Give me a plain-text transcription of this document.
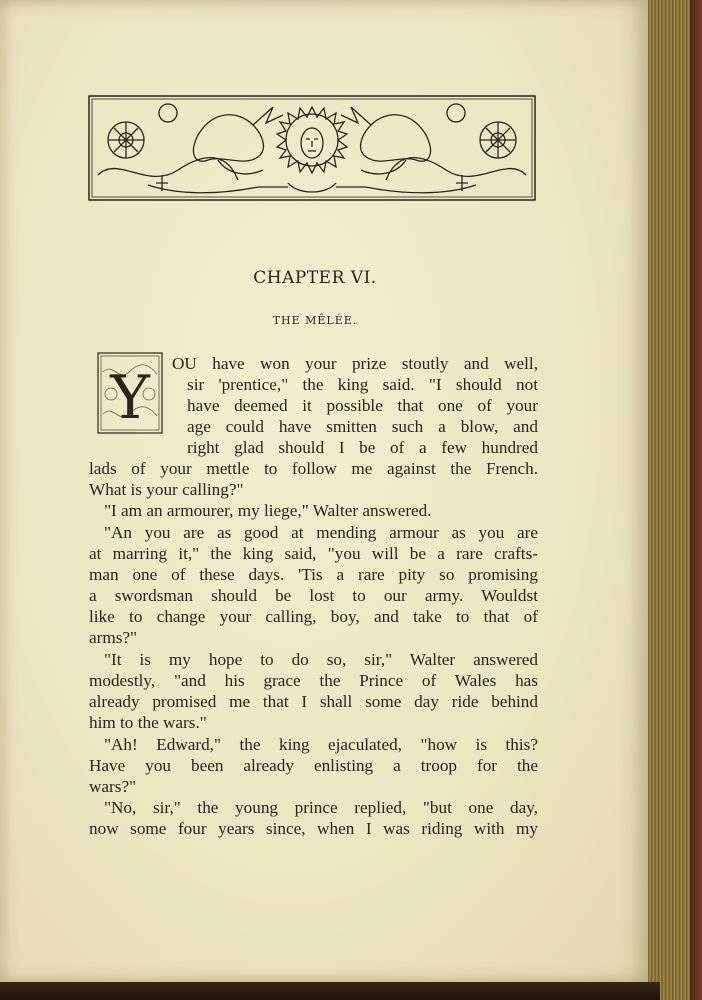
CHAPTER VI.
THE MÊLÉE.
Y OU have won your prize stoutly and well,
sir 'prentice," the king said. "I should not
have deemed it possible that one of your
age could have smitten such a blow, and
right glad should I be of a few hundred
lads of your mettle to follow me against the French.
What is your calling?"
"I am an armourer, my liege," Walter answered.
"An you are as good at mending armour as you are
at marring it," the king said, "you will be a rare crafts-
man one of these days. 'Tis a rare pity so promising
a swordsman should be lost to our army. Wouldst
like to change your calling, boy, and take to that of
arms?"
"It is my hope to do so, sir," Walter answered
modestly, "and his grace the Prince of Wales has
already promised me that I shall some day ride behind
him to the wars."
"Ah! Edward," the king ejaculated, "how is this?
Have you been already enlisting a troop for the
wars?"
"No, sir," the young prince replied, "but one day,
now some four years since, when I was riding with my
